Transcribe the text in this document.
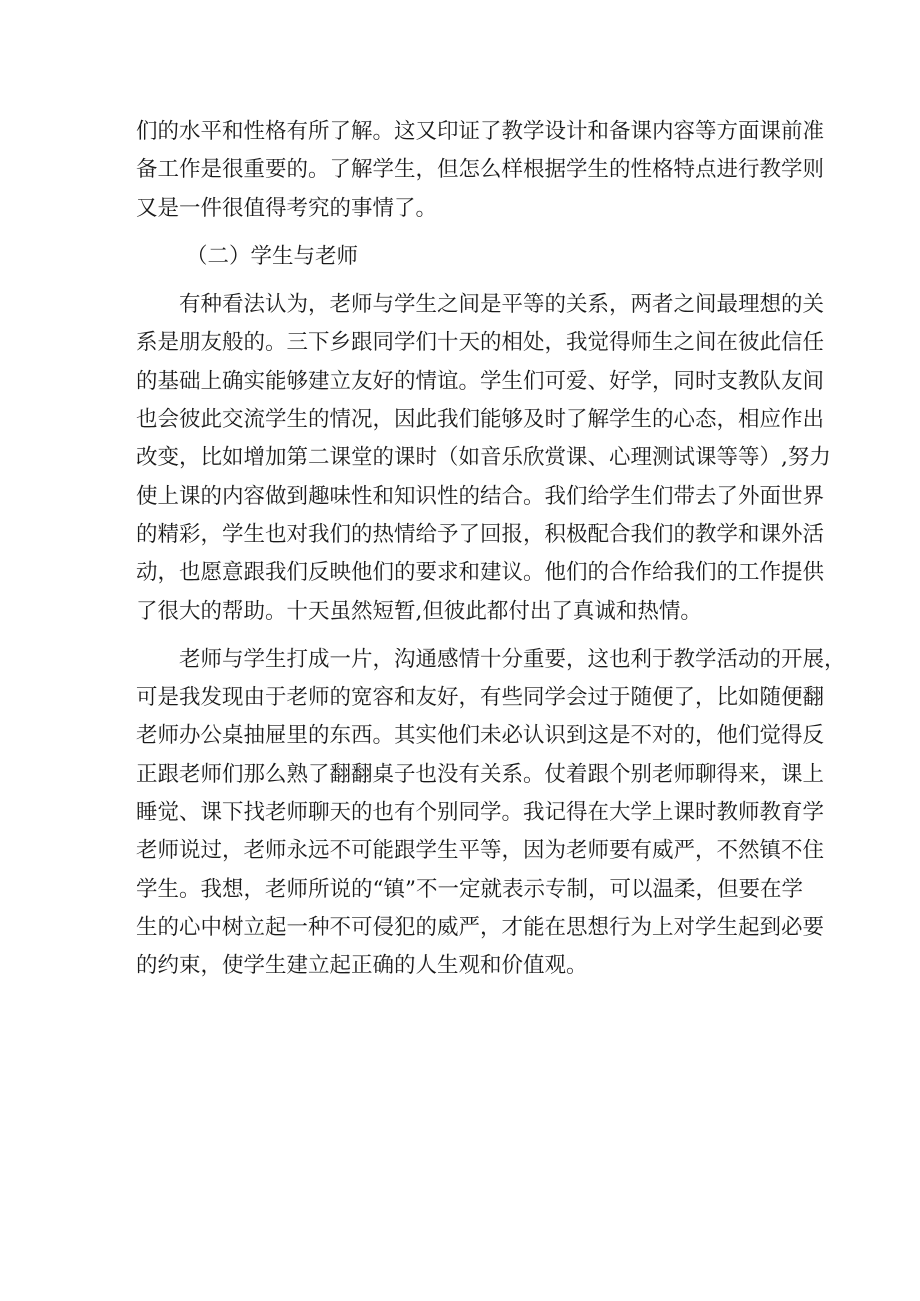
们的水平和性格有所了解。这又印证了教学设计和备课内容等方面课前准
备工作是很重要的。了解学生，但怎么样根据学生的性格特点进行教学则
又是一件很值得考究的事情了。
（二）学生与老师
有种看法认为，老师与学生之间是平等的关系，两者之间最理想的关
系是朋友般的。三下乡跟同学们十天的相处，我觉得师生之间在彼此信任
的基础上确实能够建立友好的情谊。学生们可爱、好学，同时支教队友间
也会彼此交流学生的情况，因此我们能够及时了解学生的心态，相应作出
改变，比如增加第二课堂的课时（如音乐欣赏课、心理测试课等等）,努力
使上课的内容做到趣味性和知识性的结合。我们给学生们带去了外面世界
的精彩，学生也对我们的热情给予了回报，积极配合我们的教学和课外活
动，也愿意跟我们反映他们的要求和建议。他们的合作给我们的工作提供
了很大的帮助。十天虽然短暂,但彼此都付出了真诚和热情。
老师与学生打成一片，沟通感情十分重要，这也利于教学活动的开展，
可是我发现由于老师的宽容和友好，有些同学会过于随便了，比如随便翻
老师办公桌抽屉里的东西。其实他们未必认识到这是不对的，他们觉得反
正跟老师们那么熟了翻翻桌子也没有关系。仗着跟个别老师聊得来，课上
睡觉、课下找老师聊天的也有个别同学。我记得在大学上课时教师教育学
老师说过，老师永远不可能跟学生平等，因为老师要有威严，不然镇不住
学生。我想，老师所说的“镇”不一定就表示专制，可以温柔，但要在学
生的心中树立起一种不可侵犯的威严，才能在思想行为上对学生起到必要
的约束，使学生建立起正确的人生观和价值观。
